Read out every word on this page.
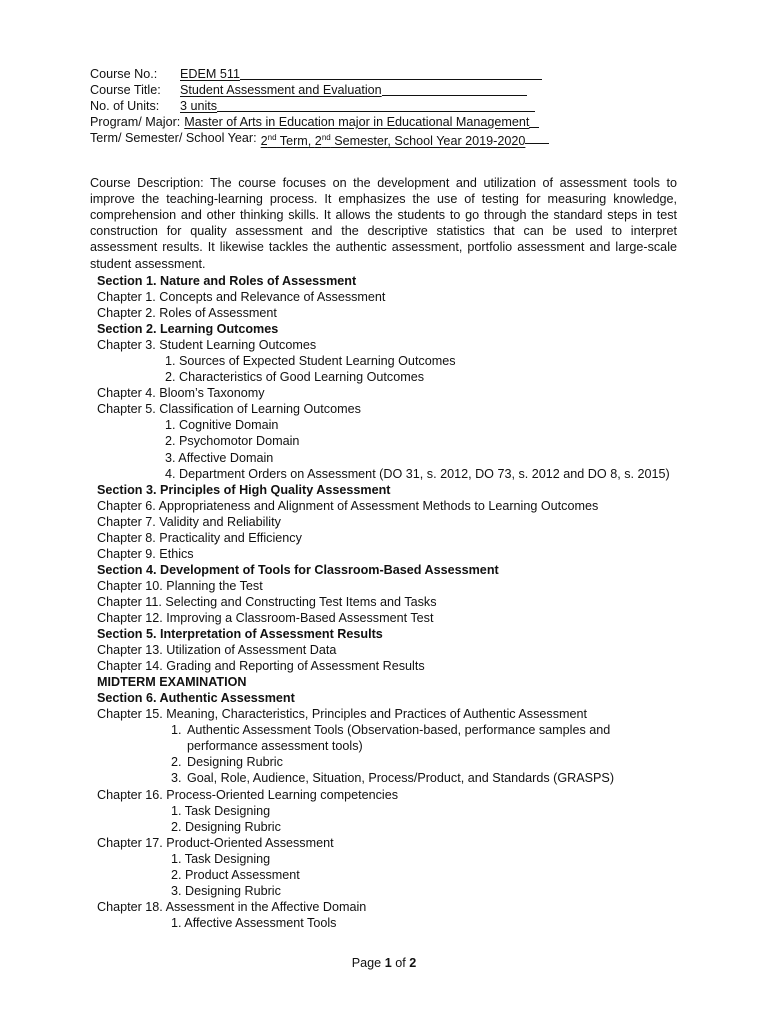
Course No.:	EDEM 511
Course Title:	Student Assessment and Evaluation
No. of Units:	3 units
Program/ Major: Master of Arts in Education major in Educational Management
Term/ Semester/ School Year: 2nd Term, 2nd Semester, School Year 2019-2020

Course Description: The course focuses on the development and utilization of assessment tools to improve the teaching-learning process. It emphasizes the use of testing for measuring knowledge, comprehension and other thinking skills. It allows the students to go through the standard steps in test construction for quality assessment and the descriptive statistics that can be used to interpret assessment results. It likewise tackles the authentic assessment, portfolio assessment and large-scale student assessment.

Section 1. Nature and Roles of Assessment
Chapter 1. Concepts and Relevance of Assessment
Chapter 2. Roles of Assessment
Section 2. Learning Outcomes
Chapter 3. Student Learning Outcomes
1. Sources of Expected Student Learning Outcomes
2. Characteristics of Good Learning Outcomes
Chapter 4. Bloom’s Taxonomy
Chapter 5. Classification of Learning Outcomes
1. Cognitive Domain
2. Psychomotor Domain
3. Affective Domain
4. Department Orders on Assessment (DO 31, s. 2012, DO 73, s. 2012 and DO 8, s. 2015)
Section 3. Principles of High Quality Assessment
Chapter 6. Appropriateness and Alignment of Assessment Methods to Learning Outcomes
Chapter 7. Validity and Reliability
Chapter 8. Practicality and Efficiency
Chapter 9. Ethics
Section 4. Development of Tools for Classroom-Based Assessment
Chapter 10. Planning the Test
Chapter 11. Selecting and Constructing Test Items and Tasks
Chapter 12. Improving a Classroom-Based Assessment Test
Section 5. Interpretation of Assessment Results
Chapter 13. Utilization of Assessment Data
Chapter 14. Grading and Reporting of Assessment Results
MIDTERM EXAMINATION
Section 6. Authentic Assessment
Chapter 15. Meaning, Characteristics, Principles and Practices of Authentic Assessment
1. Authentic Assessment Tools (Observation-based, performance samples and
performance assessment tools)
2. Designing Rubric
3. Goal, Role, Audience, Situation, Process/Product, and Standards (GRASPS)
Chapter 16. Process-Oriented Learning competencies
1. Task Designing
2. Designing Rubric
Chapter 17. Product-Oriented Assessment
1. Task Designing
2. Product Assessment
3. Designing Rubric
Chapter 18. Assessment in the Affective Domain
1. Affective Assessment Tools
Page 1 of 2
